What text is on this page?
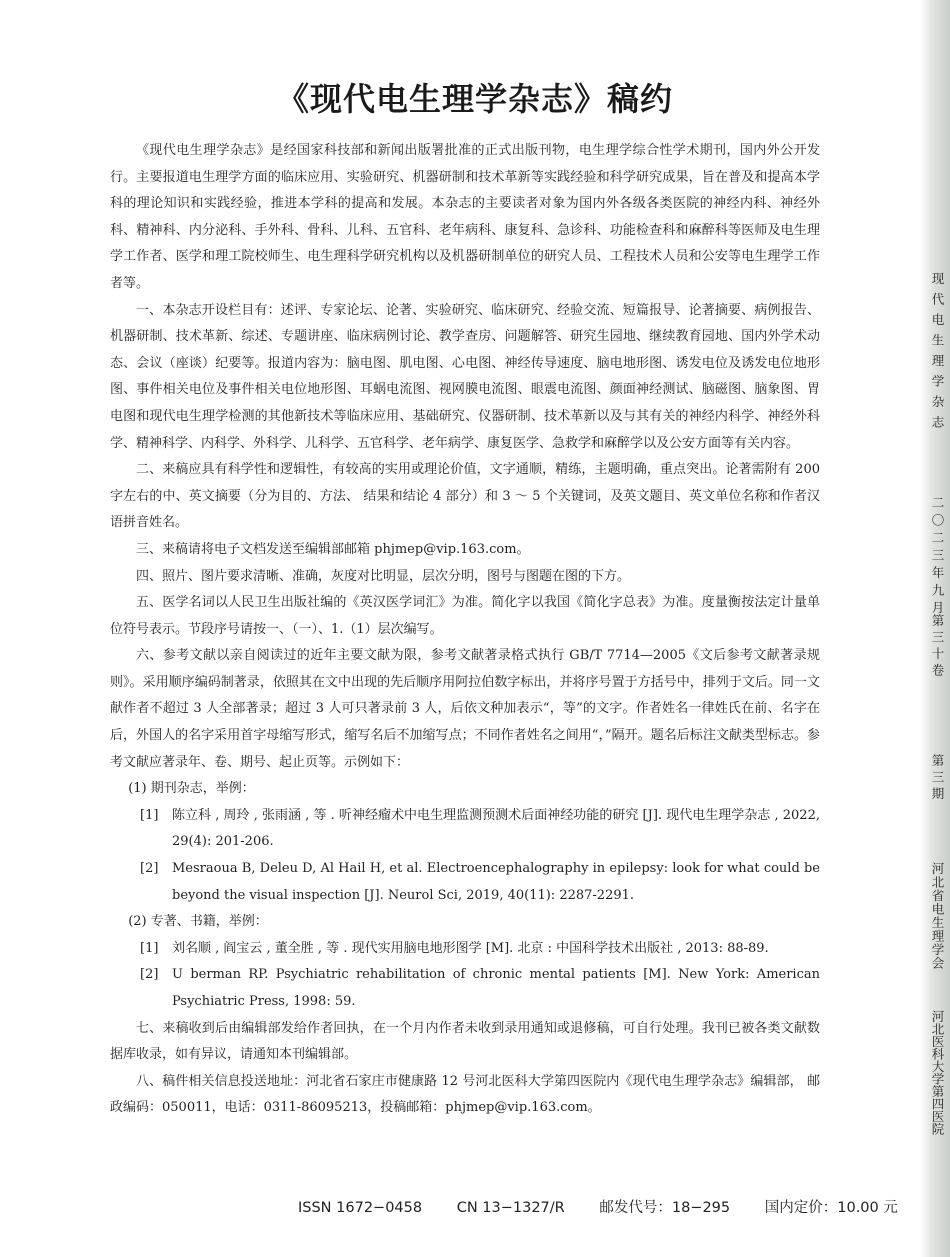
《现代电生理学杂志》稿约

《现代电生理学杂志》是经国家科技部和新闻出版署批准的正式出版刊物，电生理学综合性学术期刊，国内外公开发行。主要报道电生理学方面的临床应用、实验研究、机器研制和技术革新等实践经验和科学研究成果，旨在普及和提高本学科的理论知识和实践经验，推进本学科的提高和发展。本杂志的主要读者对象为国内外各级各类医院的神经内科、神经外科、精神科、内分泌科、手外科、骨科、儿科、五官科、老年病科、康复科、急诊科、功能检查科和麻醉科等医师及电生理学工作者、医学和理工院校师生、电生理科学研究机构以及机器研制单位的研究人员、工程技术人员和公安等电生理学工作者等。

一、本杂志开设栏目有：述评、专家论坛、论著、实验研究、临床研究、经验交流、短篇报导、论著摘要、病例报告、机器研制、技术革新、综述、专题讲座、临床病例讨论、教学查房、问题解答、研究生园地、继续教育园地、国内外学术动态、会议（座谈）纪要等。报道内容为：脑电图、肌电图、心电图、神经传导速度、脑电地形图、诱发电位及诱发电位地形图、事件相关电位及事件相关电位地形图、耳蜗电流图、视网膜电流图、眼震电流图、颜面神经测试、脑磁图、脑象图、胃电图和现代电生理学检测的其他新技术等临床应用、基础研究、仪器研制、技术革新以及与其有关的神经内科学、神经外科学、精神科学、内科学、外科学、儿科学、五官科学、老年病学、康复医学、急救学和麻醉学以及公安方面等有关内容。

二、来稿应具有科学性和逻辑性，有较高的实用或理论价值，文字通顺，精练，主题明确，重点突出。论著需附有 200 字左右的中、英文摘要（分为目的、方法、 结果和结论 4 部分）和 3 ～ 5 个关键词，及英文题目、英文单位名称和作者汉语拼音姓名。

三、来稿请将电子文档发送至编辑部邮箱 phjmep@vip.163.com。

四、照片、图片要求清晰、准确，灰度对比明显，层次分明，图号与图题在图的下方。

五、医学名词以人民卫生出版社编的《英汉医学词汇》为准。简化字以我国《简化字总表》为准。度量衡按法定计量单位符号表示。节段序号请按一、（一）、1.（1）层次编写。

六、参考文献以亲自阅读过的近年主要文献为限，参考文献著录格式执行 GB/T 7714—2005《文后参考文献著录规则》。采用顺序编码制著录，依照其在文中出现的先后顺序用阿拉伯数字标出，并将序号置于方括号中，排列于文后。同一文献作者不超过 3 人全部著录；超过 3 人可只著录前 3 人，后依文种加表示“，等”的文字。作者姓名一律姓氏在前、名字在后，外国人的名字采用首字母缩写形式，缩写名后不加缩写点；不同作者姓名之间用“，”隔开。题名后标注文献类型标志。参考文献应著录年、卷、期号、起止页等。示例如下：

(1) 期刊杂志，举例：
[1]	陈立科 , 周玲 , 张雨涵 , 等 . 听神经瘤术中电生理监测预测术后面神经功能的研究 [J]. 现代电生理学杂志 , 2022, 29(4): 201-206.
[2]	Mesraoua B, Deleu D, Al Hail H, et al. Electroencephalography in epilepsy: look for what could be beyond the visual inspection [J]. Neurol Sci, 2019, 40(11): 2287-2291.
(2) 专著、书籍，举例：
[1]	刘名顺 , 阎宝云 , 董全胜 , 等 . 现代实用脑电地形图学 [M]. 北京 : 中国科学技术出版社 , 2013: 88-89.
[2]	U berman RP. Psychiatric rehabilitation of chronic mental patients [M]. New York: American Psychiatric Press, 1998: 59.

七、来稿收到后由编辑部发给作者回执，在一个月内作者未收到录用通知或退修稿，可自行处理。我刊已被各类文献数据库收录，如有异议，请通知本刊编辑部。

八、稿件相关信息投送地址：河北省石家庄市健康路 12 号河北医科大学第四医院内《现代电生理学杂志》编辑部， 邮政编码：050011，电话：0311-86095213，投稿邮箱：phjmep@vip.163.com。

ISSN 1672−0458 CN 13−1327/R 邮发代号：18−295 国内定价：10.00 元
现代电生理学杂志
二〇二三年九月
第三十卷
第三期
河北省电生理学会
河北医科大学第四医院
